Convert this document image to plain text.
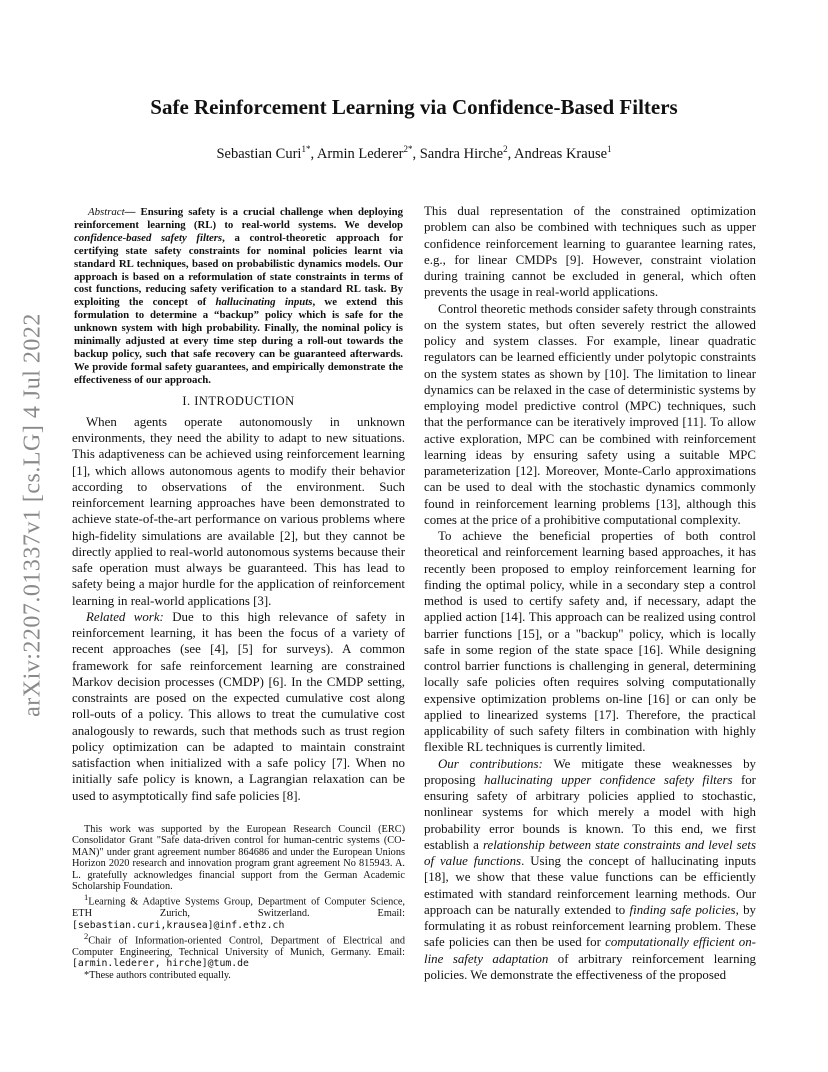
arXiv:2207.01337v1 [cs.LG] 4 Jul 2022
Safe Reinforcement Learning via Confidence-Based Filters
Sebastian Curi$^{1*}$, Armin Lederer$^{2*}$, Sandra Hirche$^2$, Andreas Krause$^1$

Abstract— Ensuring safety is a crucial challenge when deploying reinforcement learning (RL) to real-world systems. We develop confidence-based safety filters, a control-theoretic approach for certifying state safety constraints for nominal policies learnt via standard RL techniques, based on probabilistic dynamics models. Our approach is based on a reformulation of state constraints in terms of cost functions, reducing safety verification to a standard RL task. By exploiting the concept of hallucinating inputs, we extend this formulation to determine a “backup” policy which is safe for the unknown system with high probability. Finally, the nominal policy is minimally adjusted at every time step during a roll-out towards the backup policy, such that safe recovery can be guaranteed afterwards. We provide formal safety guarantees, and empirically demonstrate the effectiveness of our approach.

I. INTRODUCTION

When agents operate autonomously in unknown environments, they need the ability to adapt to new situations. This adaptiveness can be achieved using reinforcement learning [1], which allows autonomous agents to modify their behavior according to observations of the environment. Such reinforcement learning approaches have been demonstrated to achieve state-of-the-art performance on various problems where high-fidelity simulations are available [2], but they cannot be directly applied to real-world autonomous systems because their safe operation must always be guaranteed. This has lead to safety being a major hurdle for the application of reinforcement learning in real-world applications [3].

Related work: Due to this high relevance of safety in reinforcement learning, it has been the focus of a variety of recent approaches (see [4], [5] for surveys). A common framework for safe reinforcement learning are constrained Markov decision processes (CMDP) [6]. In the CMDP setting, constraints are posed on the expected cumulative cost along roll-outs of a policy. This allows to treat the cumulative cost analogously to rewards, such that methods such as trust region policy optimization can be adapted to maintain constraint satisfaction when initialized with a safe policy [7]. When no initially safe policy is known, a Lagrangian relaxation can be used to asymptotically find safe policies [8].

This work was supported by the European Research Council (ERC) Consolidator Grant "Safe data-driven control for human-centric systems (CO-MAN)" under grant agreement number 864686 and under the European Unions Horizon 2020 research and innovation program grant agreement No 815943. A. L. gratefully acknowledges financial support from the German Academic Scholarship Foundation.

$^1$Learning & Adaptive Systems Group, Department of Computer Science, ETH Zurich, Switzerland. Email: [sebastian.curi,krausea]@inf.ethz.ch

$^2$Chair of Information-oriented Control, Department of Electrical and Computer Engineering, Technical University of Munich, Germany. Email: [armin.lederer, hirche]@tum.de

*These authors contributed equally.

This dual representation of the constrained optimization problem can also be combined with techniques such as upper confidence reinforcement learning to guarantee learning rates, e.g., for linear CMDPs [9]. However, constraint violation during training cannot be excluded in general, which often prevents the usage in real-world applications.

Control theoretic methods consider safety through constraints on the system states, but often severely restrict the allowed policy and system classes. For example, linear quadratic regulators can be learned efficiently under polytopic constraints on the system states as shown by [10]. The limitation to linear dynamics can be relaxed in the case of deterministic systems by employing model predictive control (MPC) techniques, such that the performance can be iteratively improved [11]. To allow active exploration, MPC can be combined with reinforcement learning ideas by ensuring safety using a suitable MPC parameterization [12]. Moreover, Monte-Carlo approximations can be used to deal with the stochastic dynamics commonly found in reinforcement learning problems [13], although this comes at the price of a prohibitive computational complexity.

To achieve the beneficial properties of both control theoretical and reinforcement learning based approaches, it has recently been proposed to employ reinforcement learning for finding the optimal policy, while in a secondary step a control method is used to certify safety and, if necessary, adapt the applied action [14]. This approach can be realized using control barrier functions [15], or a "backup" policy, which is locally safe in some region of the state space [16]. While designing control barrier functions is challenging in general, determining locally safe policies often requires solving computationally expensive optimization problems on-line [16] or can only be applied to linearized systems [17]. Therefore, the practical applicability of such safety filters in combination with highly flexible RL techniques is currently limited.

Our contributions: We mitigate these weaknesses by proposing hallucinating upper confidence safety filters for ensuring safety of arbitrary policies applied to stochastic, nonlinear systems for which merely a model with high probability error bounds is known. To this end, we first establish a relationship between state constraints and level sets of value functions. Using the concept of hallucinating inputs [18], we show that these value functions can be efficiently estimated with standard reinforcement learning methods. Our approach can be naturally extended to finding safe policies, by formulating it as robust reinforcement learning problem. These safe policies can then be used for computationally efficient on-line safety adaptation of arbitrary reinforcement learning policies. We demonstrate the effectiveness of the proposed
